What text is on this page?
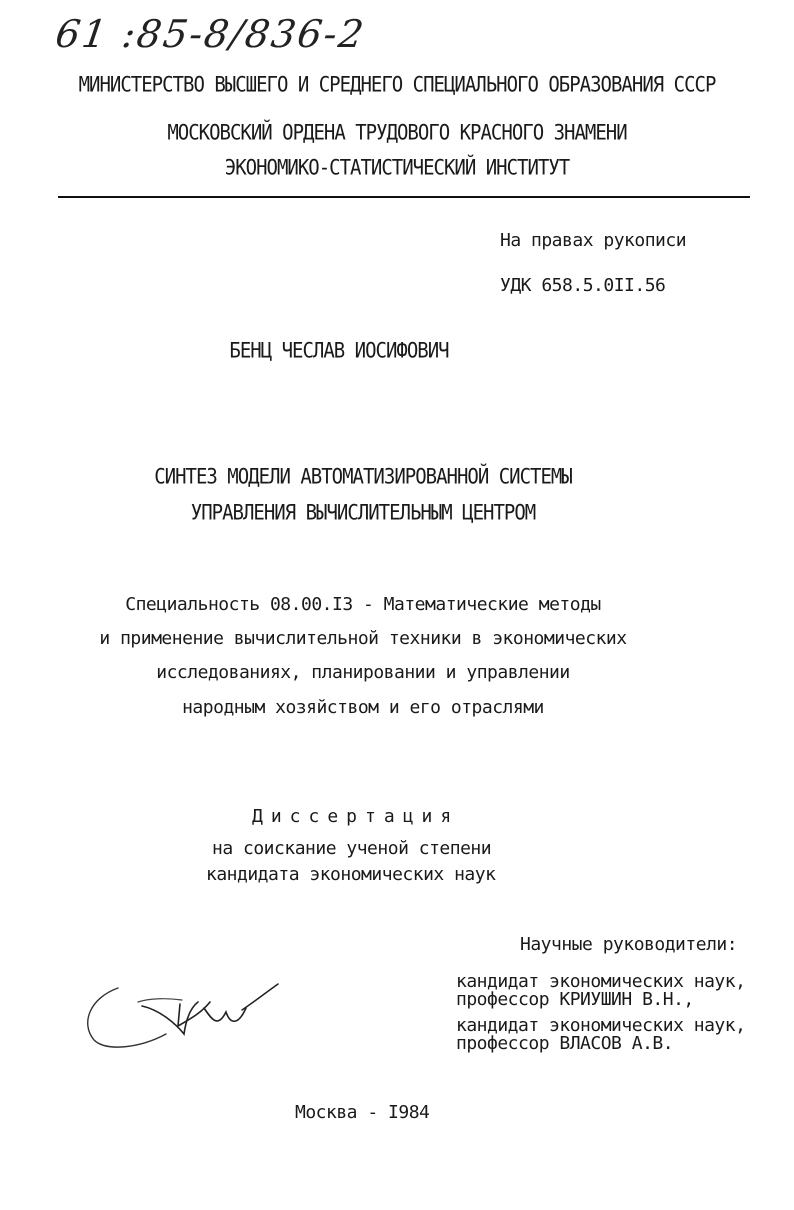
61 :85-8/836-2
МИНИСТЕРСТВО ВЫСШЕГО И СРЕДНЕГО СПЕЦИАЛЬНОГО ОБРАЗОВАНИЯ СССР
МОСКОВСКИЙ ОРДЕНА ТРУДОВОГО КРАСНОГО ЗНАМЕНИ
ЭКОНОМИКО-СТАТИСТИЧЕСКИЙ ИНСТИТУТ
На правах рукописи
УДК 658.5.0II.56
БЕНЦ ЧЕСЛАВ ИОСИФОВИЧ
СИНТЕЗ МОДЕЛИ АВТОМАТИЗИРОВАННОЙ СИСТЕМЫ
УПРАВЛЕНИЯ ВЫЧИСЛИТЕЛЬНЫМ ЦЕНТРОМ
Специальность 08.00.I3 - Математические методы
и применение вычислительной техники в экономических
исследованиях, планировании и управлении
народным хозяйством и его отраслями
Диссертация
на соискание ученой степени
кандидата экономических наук
Научные руководители:
кандидат экономических наук,
профессор КРИУШИН В.Н.,
кандидат экономических наук,
профессор ВЛАСОВ А.В.
Москва - I984
